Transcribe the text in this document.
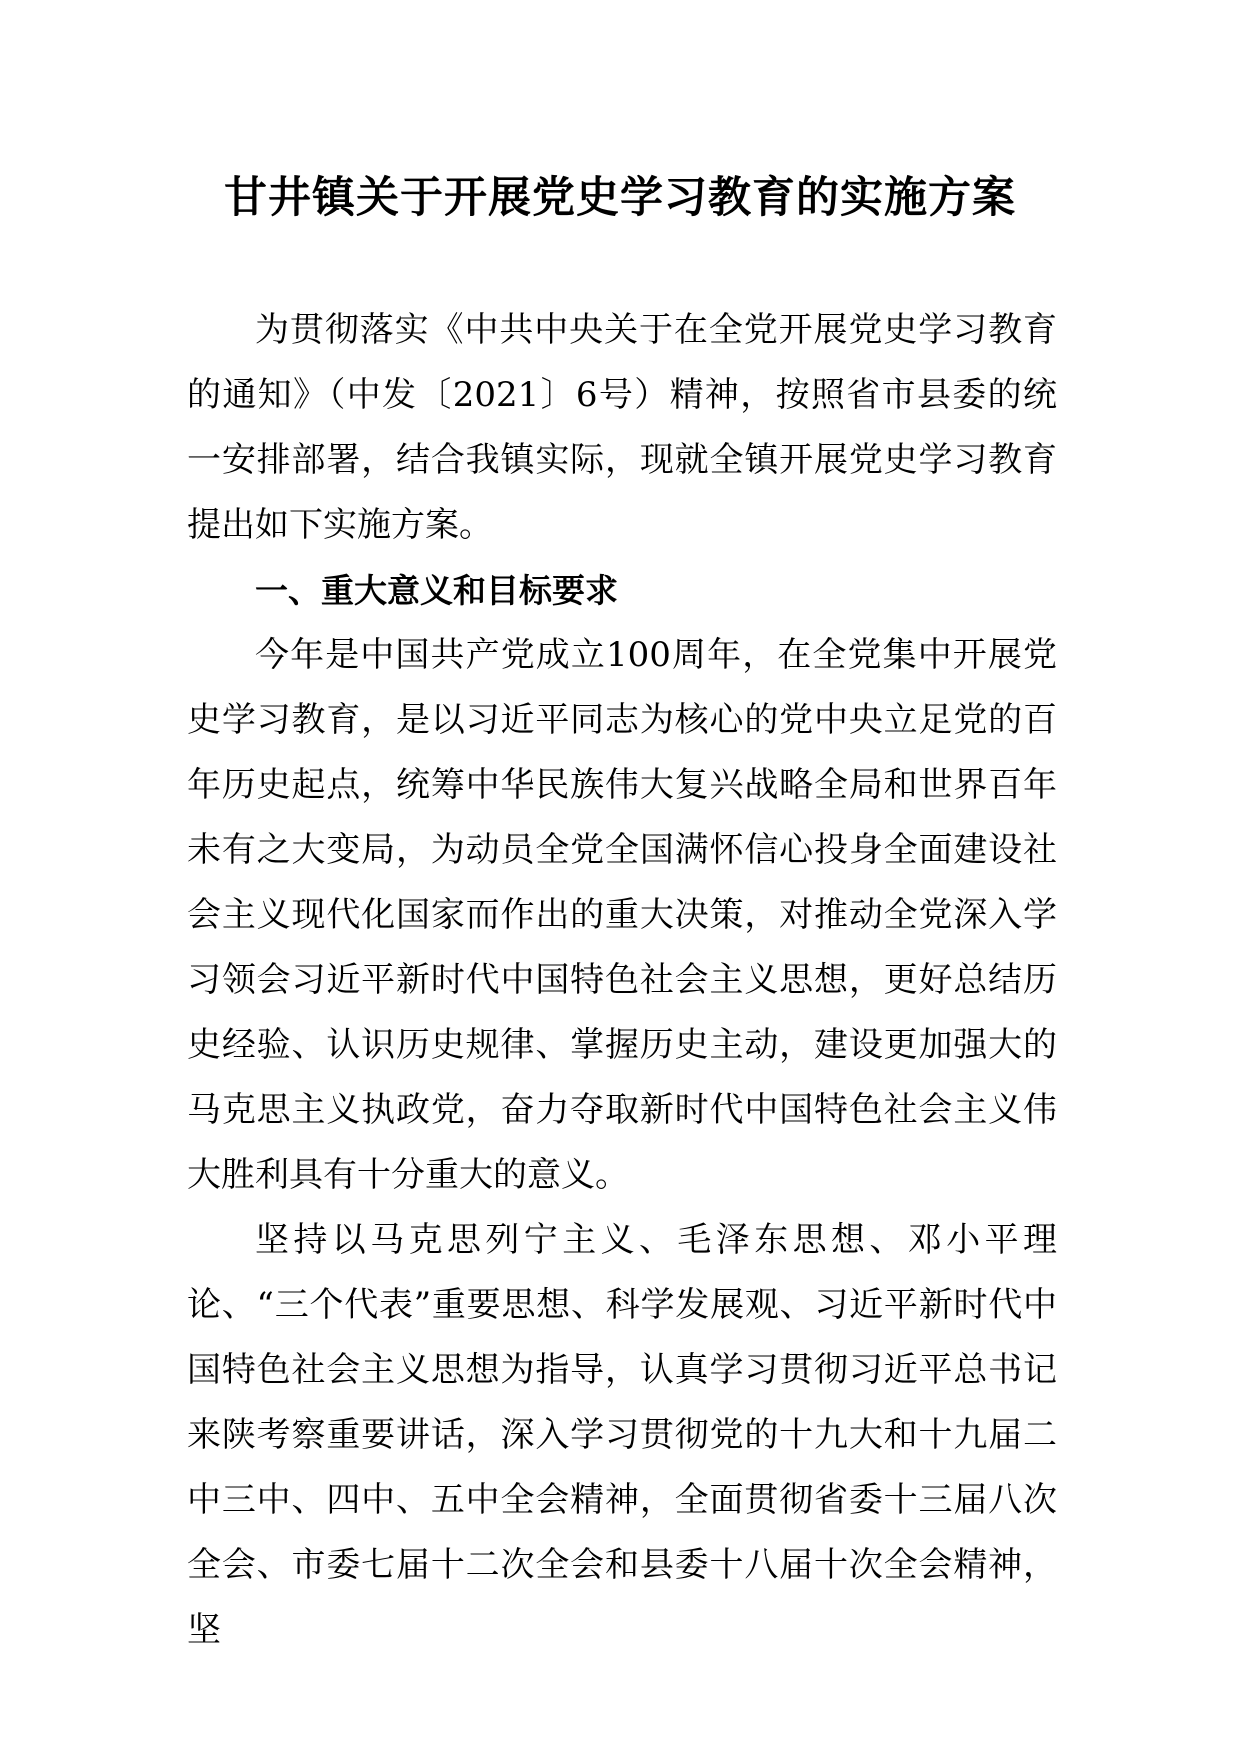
甘井镇关于开展党史学习教育的实施方案

为贯彻落实《中共中央关于在全党开展党史学习教育的通知》（中发〔2021〕6号）精神，按照省市县委的统一安排部署，结合我镇实际，现就全镇开展党史学习教育提出如下实施方案。

一、重大意义和目标要求

今年是中国共产党成立100周年，在全党集中开展党史学习教育，是以习近平同志为核心的党中央立足党的百年历史起点，统筹中华民族伟大复兴战略全局和世界百年未有之大变局，为动员全党全国满怀信心投身全面建设社会主义现代化国家而作出的重大决策，对推动全党深入学习领会习近平新时代中国特色社会主义思想，更好总结历史经验、认识历史规律、掌握历史主动，建设更加强大的马克思主义执政党，奋力夺取新时代中国特色社会主义伟大胜利具有十分重大的意义。

坚持以马克思列宁主义、毛泽东思想、邓小平理论、“三个代表”重要思想、科学发展观、习近平新时代中国特色社会主义思想为指导，认真学习贯彻习近平总书记来陕考察重要讲话，深入学习贯彻党的十九大和十九届二中三中、四中、五中全会精神，全面贯彻省委十三届八次全会、市委七届十二次全会和县委十八届十次全会精神，坚
